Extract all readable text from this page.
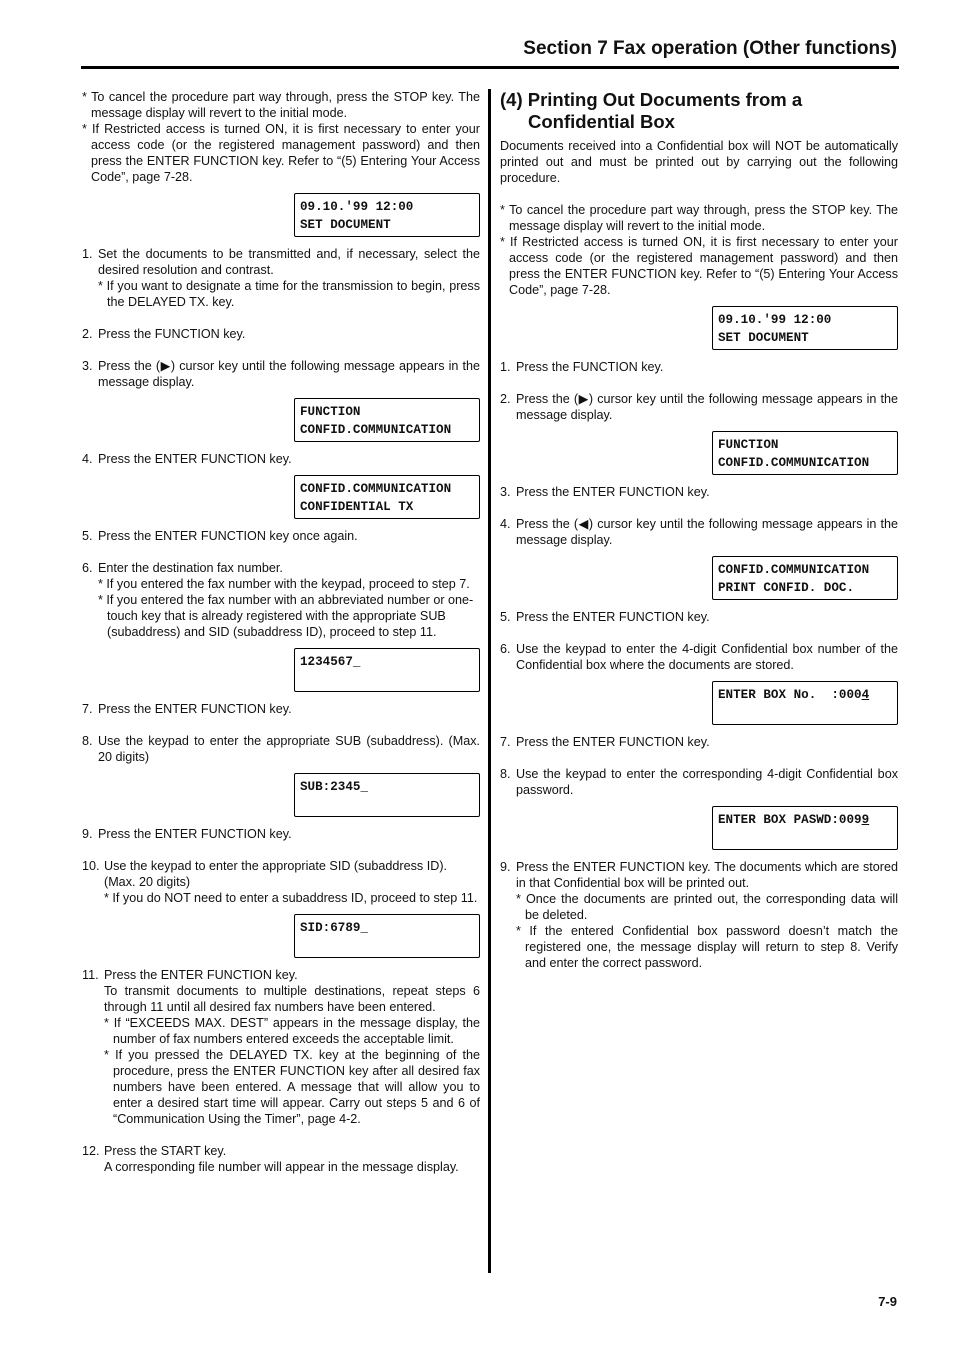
Section 7 Fax operation (Other functions)
* To cancel the procedure part way through, press the STOP key. The message display will revert to the initial mode.
* If Restricted access is turned ON, it is first necessary to enter your access code (or the registered management password) and then press the ENTER FUNCTION key. Refer to “(5) Entering Your Access Code”, page 7-28.
09.10.'99 12:00
SET DOCUMENT
1. Set the documents to be transmitted and, if necessary, select the desired resolution and contrast.

* If you want to designate a time for the transmission to begin, press the DELAYED TX. key.
2. Press the FUNCTION key.

3. Press the (▶) cursor key until the following message appears in the message display.

FUNCTION
CONFID.COMMUNICATION
4. Press the ENTER FUNCTION key.

CONFID.COMMUNICATION
CONFIDENTIAL TX
5. Press the ENTER FUNCTION key once again.

6. Enter the destination fax number.

* If you entered the fax number with the keypad, proceed to step 7.
* If you entered the fax number with an abbreviated number or one-touch key that is already registered with the appropriate SUB (subaddress) and SID (subaddress ID), proceed to step 11.
1234567_
7. Press the ENTER FUNCTION key.

8. Use the keypad to enter the appropriate SUB (subaddress). (Max. 20 digits)

SUB:2345_
9. Press the ENTER FUNCTION key.

10. Use the keypad to enter the appropriate SID (subaddress ID). (Max. 20 digits)

* If you do NOT need to enter a subaddress ID, proceed to step 11.
SID:6789_
11. Press the ENTER FUNCTION key.

To transmit documents to multiple destinations, repeat steps 6 through 11 until all desired fax numbers have been entered.

* If “EXCEEDS MAX. DEST” appears in the message display, the number of fax numbers entered exceeds the acceptable limit.
* If you pressed the DELAYED TX. key at the beginning of the procedure, press the ENTER FUNCTION key after all desired fax numbers have been entered. A message that will allow you to enter a desired start time will appear. Carry out steps 5 and 6 of “Communication Using the Timer”, page 4-2.
12. Press the START key.

A corresponding file number will appear in the message display.

(4) Printing Out Documents from a Confidential Box

Documents received into a Confidential box will NOT be automatically printed out and must be printed out by carrying out the following procedure.

* To cancel the procedure part way through, press the STOP key. The message display will revert to the initial mode.
* If Restricted access is turned ON, it is first necessary to enter your access code (or the registered management password) and then press the ENTER FUNCTION key. Refer to “(5) Entering Your Access Code”, page 7-28.
09.10.'99 12:00
SET DOCUMENT
1. Press the FUNCTION key.

2. Press the (▶) cursor key until the following message appears in the message display.

FUNCTION
CONFID.COMMUNICATION
3. Press the ENTER FUNCTION key.

4. Press the (◀) cursor key until the following message appears in the message display.

CONFID.COMMUNICATION
PRINT CONFID. DOC.
5. Press the ENTER FUNCTION key.

6. Use the keypad to enter the 4-digit Confidential box number of the Confidential box where the documents are stored.

ENTER BOX No.  :0004
7. Press the ENTER FUNCTION key.

8. Use the keypad to enter the corresponding 4-digit Confidential box password.

ENTER BOX PASWD:0099
9. Press the ENTER FUNCTION key. The documents which are stored in that Confidential box will be printed out.

* Once the documents are printed out, the corresponding data will be deleted.
* If the entered Confidential box password doesn’t match the registered one, the message display will return to step 8. Verify and enter the correct password.
7-9
